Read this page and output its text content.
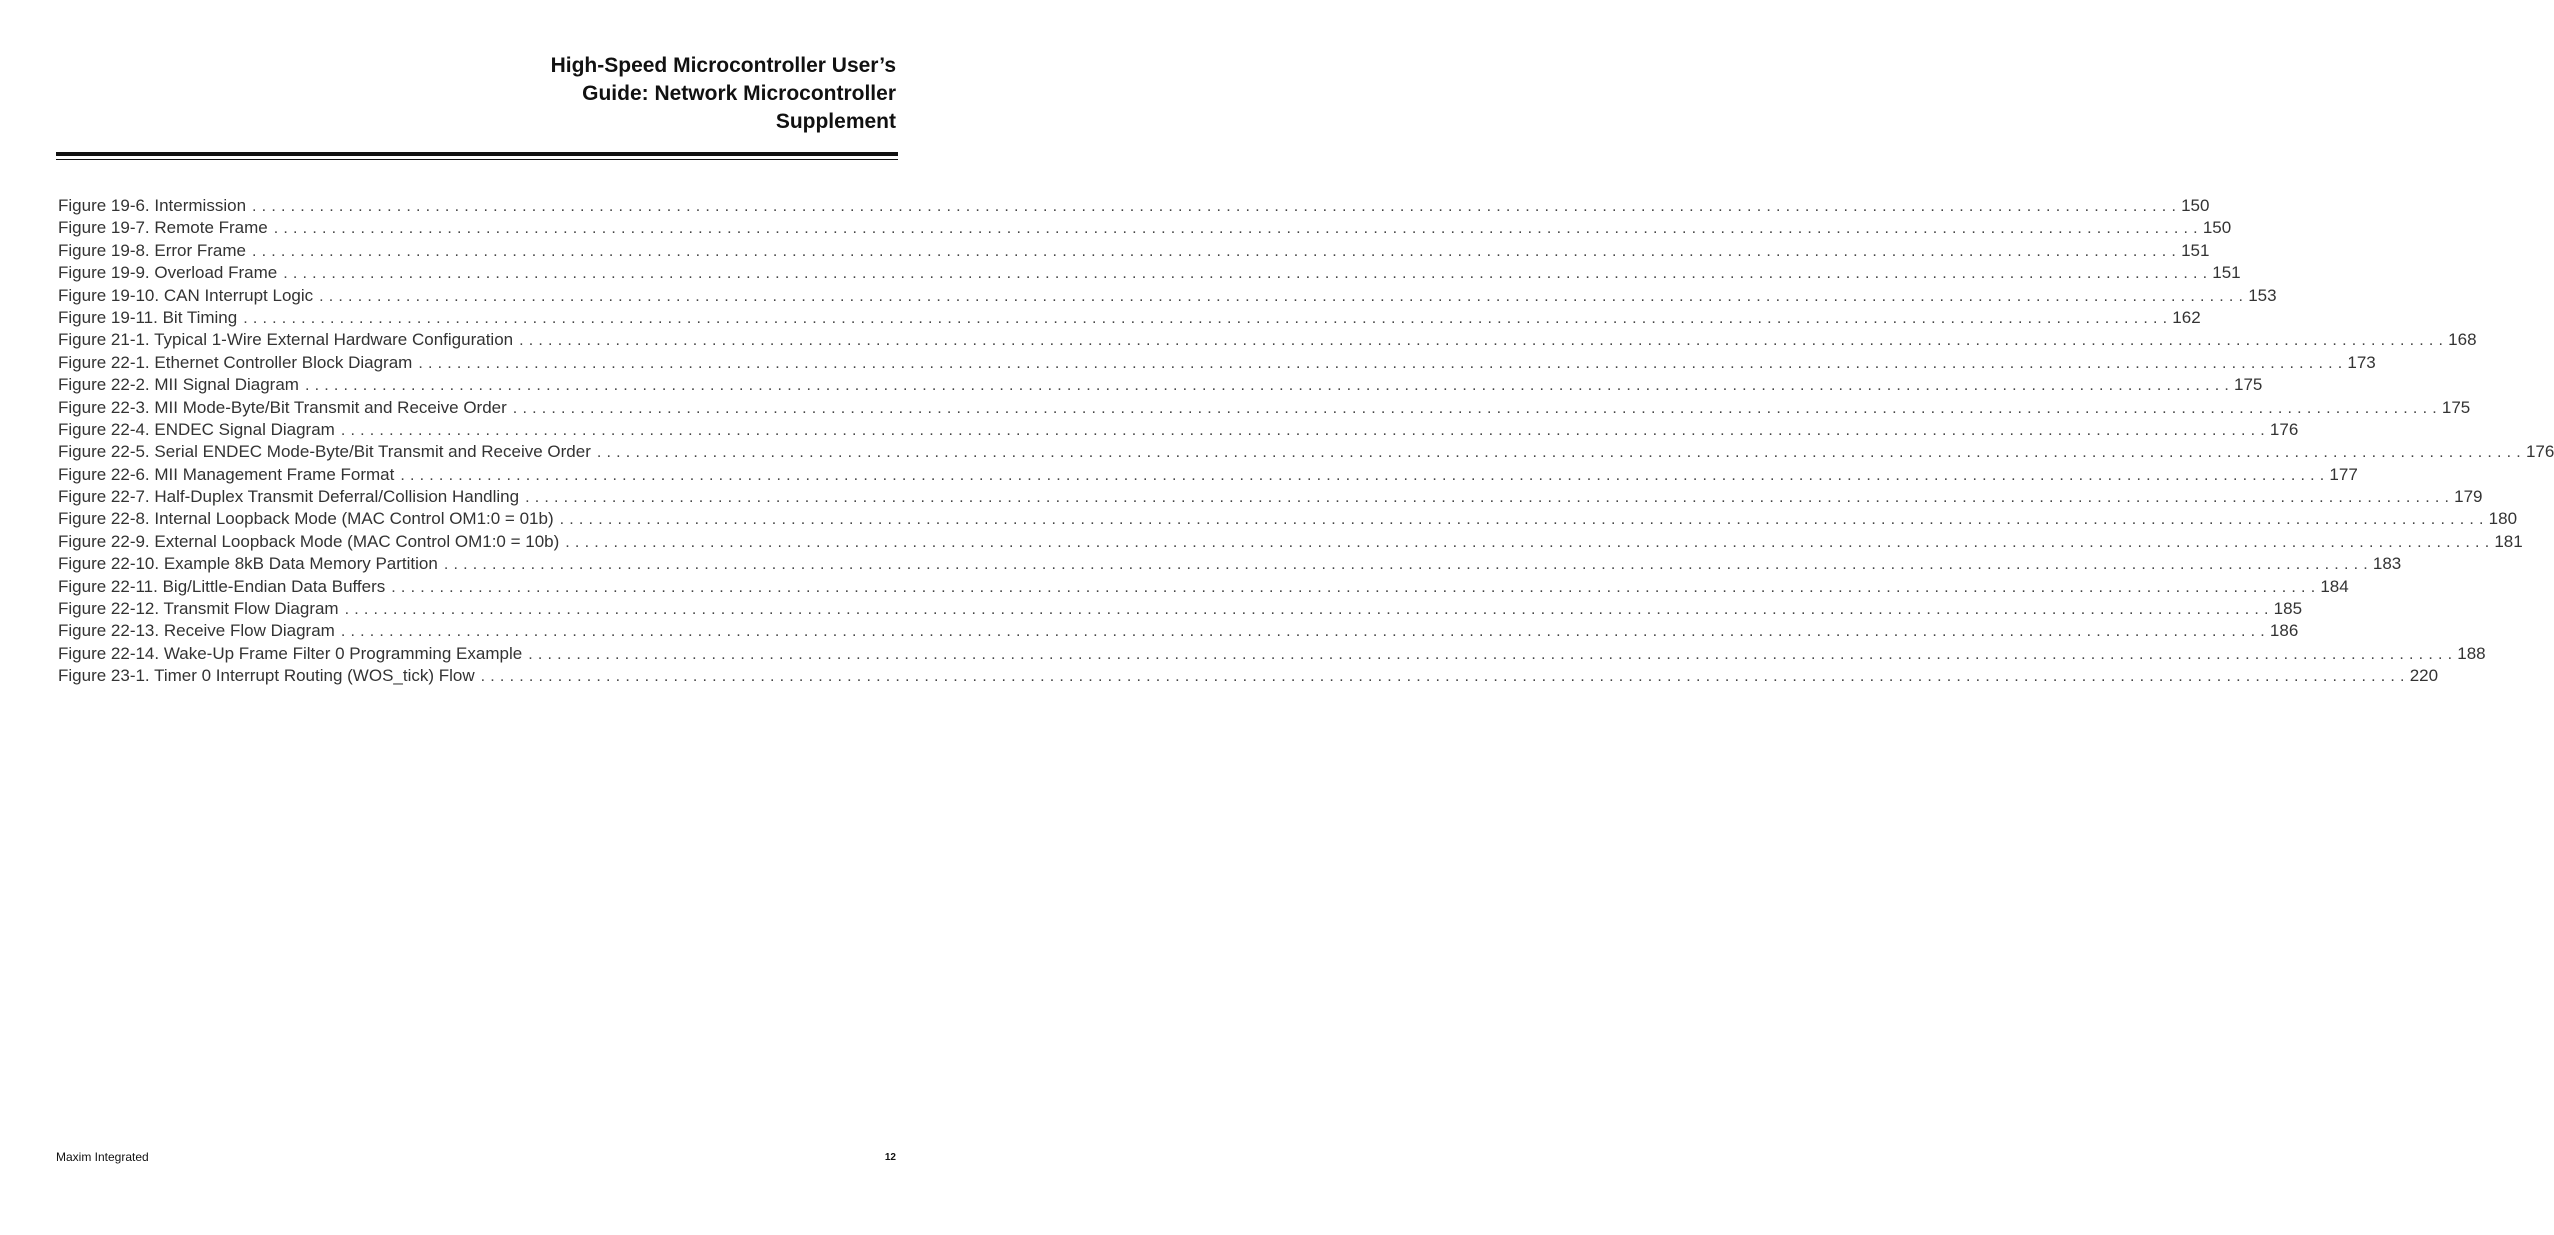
High-Speed Microcontroller User’s
Guide: Network Microcontroller
Supplement
Figure 19-6. Intermission ........................................................................................................................................................................................................ 150
Figure 19-7. Remote Frame ........................................................................................................................................................................................................ 150
Figure 19-8. Error Frame ........................................................................................................................................................................................................ 151
Figure 19-9. Overload Frame ........................................................................................................................................................................................................ 151
Figure 19-10. CAN Interrupt Logic ........................................................................................................................................................................................................ 153
Figure 19-11. Bit Timing ........................................................................................................................................................................................................ 162
Figure 21-1. Typical 1-Wire External Hardware Configuration ........................................................................................................................................................................................................ 168
Figure 22-1. Ethernet Controller Block Diagram ........................................................................................................................................................................................................ 173
Figure 22-2. MII Signal Diagram ........................................................................................................................................................................................................ 175
Figure 22-3. MII Mode-Byte/Bit Transmit and Receive Order ........................................................................................................................................................................................................ 175
Figure 22-4. ENDEC Signal Diagram ........................................................................................................................................................................................................ 176
Figure 22-5. Serial ENDEC Mode-Byte/Bit Transmit and Receive Order ........................................................................................................................................................................................................ 176
Figure 22-6. MII Management Frame Format ........................................................................................................................................................................................................ 177
Figure 22-7. Half-Duplex Transmit Deferral/Collision Handling ........................................................................................................................................................................................................ 179
Figure 22-8. Internal Loopback Mode (MAC Control OM1:0 = 01b) ........................................................................................................................................................................................................ 180
Figure 22-9. External Loopback Mode (MAC Control OM1:0 = 10b) ........................................................................................................................................................................................................ 181
Figure 22-10. Example 8kB Data Memory Partition ........................................................................................................................................................................................................ 183
Figure 22-11. Big/Little-Endian Data Buffers ........................................................................................................................................................................................................ 184
Figure 22-12. Transmit Flow Diagram ........................................................................................................................................................................................................ 185
Figure 22-13. Receive Flow Diagram ........................................................................................................................................................................................................ 186
Figure 22-14. Wake-Up Frame Filter 0 Programming Example ........................................................................................................................................................................................................ 188
Figure 23-1. Timer 0 Interrupt Routing (WOS_tick) Flow ........................................................................................................................................................................................................ 220
Maxim Integrated	12
